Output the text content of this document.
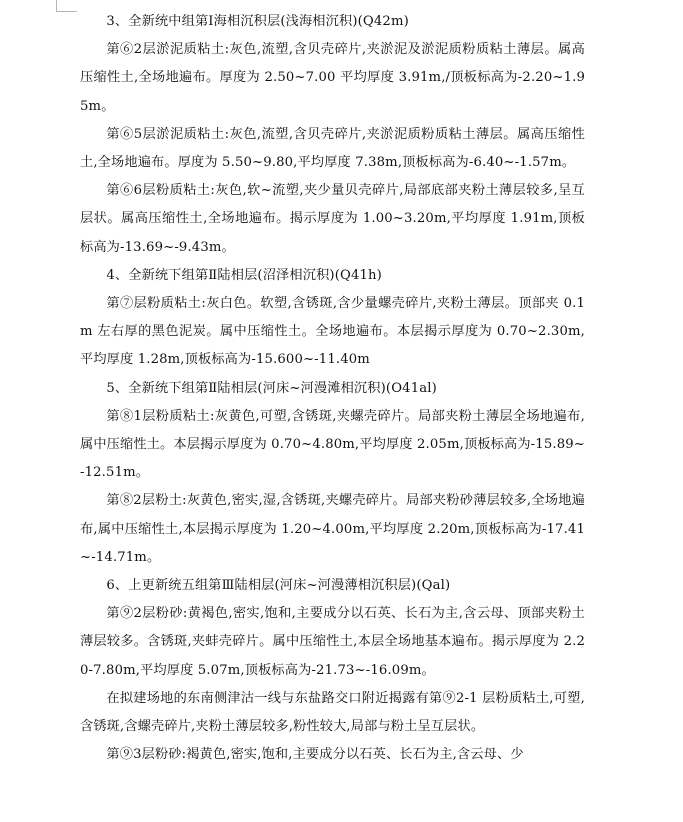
3、全新统中组第Ⅰ海相沉积层(浅海相沉积)(Q42m)

第⑥2层淤泥质粘土:灰色,流塑,含贝壳碎片,夹淤泥及淤泥质粉质粘土薄层。属高压缩性土,全场地遍布。厚度为 2.50~7.00 平均厚度 3.91m,/顶板标高为-2.20~1.95m。

第⑥5层淤泥质粘土:灰色,流塑,含贝壳碎片,夹淤泥质粉质粘土薄层。属高压缩性土,全场地遍布。厚度为 5.50~9.80,平均厚度 7.38m,顶板标高为-6.40~-1.57m。

第⑥6层粉质粘土:灰色,软~流塑,夹少量贝壳碎片,局部底部夹粉土薄层较多,呈互层状。属高压缩性土,全场地遍布。揭示厚度为 1.00~3.20m,平均厚度 1.91m,顶板标高为-13.69~-9.43m。

4、全新统下组第Ⅱ陆相层(沼泽相沉积)(Q41h)

第⑦层粉质粘土:灰白色。软塑,含锈斑,含少量螺壳碎片,夹粉土薄层。顶部夹 0.1m 左右厚的黑色泥炭。属中压缩性土。全场地遍布。本层揭示厚度为 0.70~2.30m,平均厚度 1.28m,顶板标高为-15.600~-11.40m

5、全新统下组第Ⅱ陆相层(河床~河漫滩相沉积)(O41al)

第⑧1层粉质粘土:灰黄色,可塑,含锈斑,夹螺壳碎片。局部夹粉土薄层全场地遍布,属中压缩性土。本层揭示厚度为 0.70~4.80m,平均厚度 2.05m,顶板标高为-15.89~-12.51m。

第⑧2层粉土:灰黄色,密实,湿,含锈斑,夹螺壳碎片。局部夹粉砂薄层较多,全场地遍布,属中压缩性土,本层揭示厚度为 1.20~4.00m,平均厚度 2.20m,顶板标高为-17.41~-14.71m。

6、上更新统五组第Ⅲ陆相层(河床~河漫薄相沉积层)(Qal)

第⑨2层粉砂:黄褐色,密实,饱和,主要成分以石英、长石为主,含云母、顶部夹粉土薄层较多。含锈斑,夹蚌壳碎片。属中压缩性土,本层全场地基本遍布。揭示厚度为 2.20-7.80m,平均厚度 5.07m,顶板标高为-21.73~-16.09m。

在拟建场地的东南侧津沽一线与东盐路交口附近揭露有第⑨2-1 层粉质粘土,可塑,含锈斑,含螺壳碎片,夹粉土薄层较多,粉性较大,局部与粉土呈互层状。

第⑨3层粉砂:褐黄色,密实,饱和,主要成分以石英、长石为主,含云母、少
